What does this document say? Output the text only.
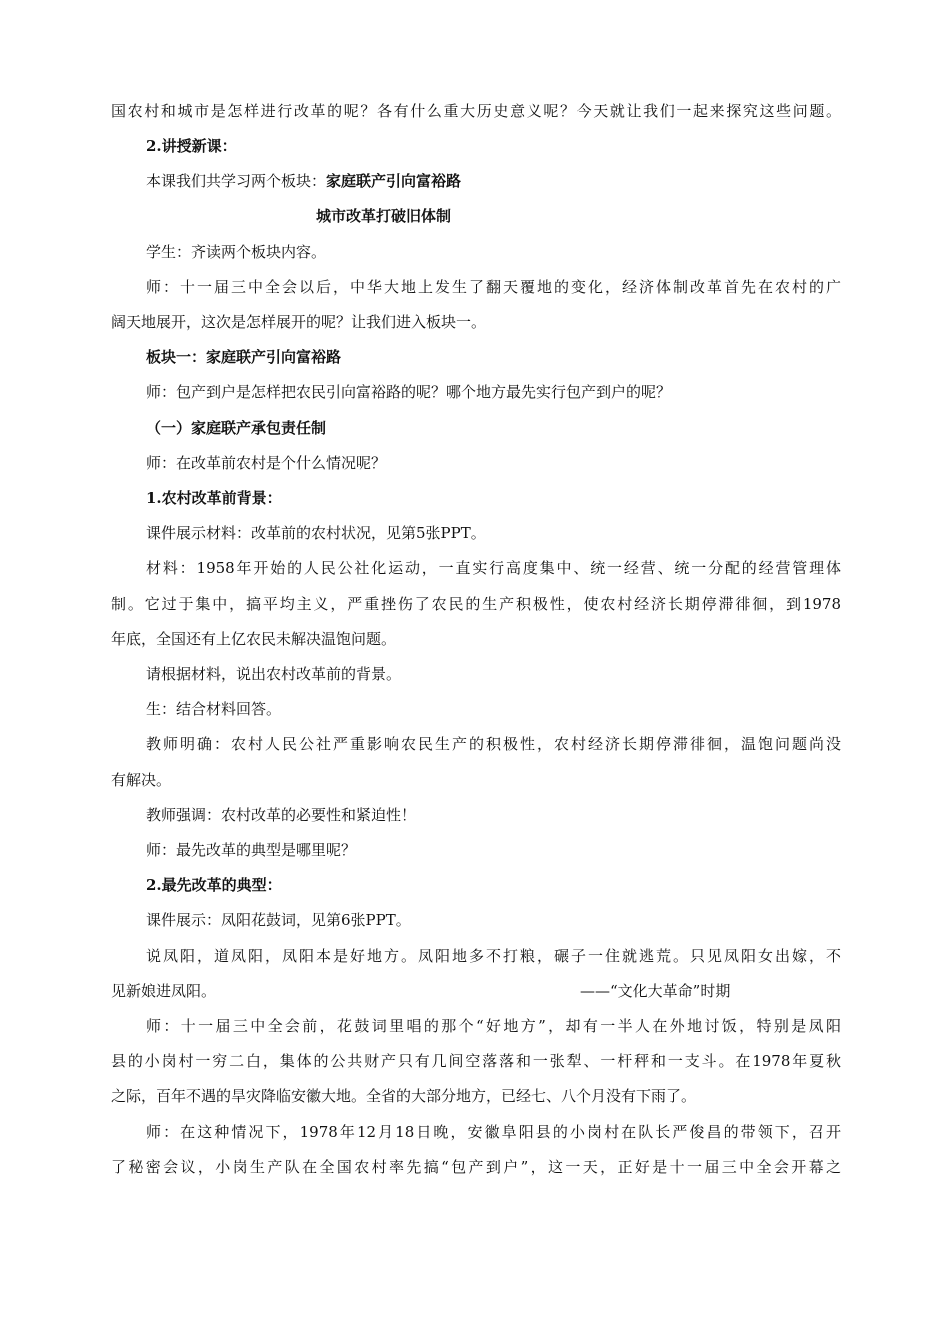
国农村和城市是怎样进行改革的呢？各有什么重大历史意义呢？今天就让我们一起来探究这些问题。

2.讲授新课：

本课我们共学习两个板块：家庭联产引向富裕路

城市改革打破旧体制

学生：齐读两个板块内容。

师：十一届三中全会以后，中华大地上发生了翻天覆地的变化，经济体制改革首先在农村的广

阔天地展开，这次是怎样展开的呢？让我们进入板块一。

板块一：家庭联产引向富裕路

师：包产到户是怎样把农民引向富裕路的呢？哪个地方最先实行包产到户的呢？

（一）家庭联产承包责任制

师：在改革前农村是个什么情况呢？

1.农村改革前背景：

课件展示材料：改革前的农村状况，见第5张PPT。

材料：1958年开始的人民公社化运动，一直实行高度集中、统一经营、统一分配的经营管理体

制。它过于集中，搞平均主义，严重挫伤了农民的生产积极性，使农村经济长期停滞徘徊，到1978

年底，全国还有上亿农民未解决温饱问题。

请根据材料，说出农村改革前的背景。

生：结合材料回答。

教师明确：农村人民公社严重影响农民生产的积极性，农村经济长期停滞徘徊，温饱问题尚没

有解决。

教师强调：农村改革的必要性和紧迫性！

师：最先改革的典型是哪里呢？

2.最先改革的典型：

课件展示：凤阳花鼓词，见第6张PPT。

说凤阳，道凤阳，凤阳本是好地方。凤阳地多不打粮，碾子一住就逃荒。只见凤阳女出嫁，不

见新娘进凤阳。	——“文化大革命”时期

师：十一届三中全会前，花鼓词里唱的那个“好地方”，却有一半人在外地讨饭，特别是凤阳

县的小岗村一穷二白，集体的公共财产只有几间空落落和一张犁、一杆秤和一支斗。在1978年夏秋

之际，百年不遇的旱灾降临安徽大地。全省的大部分地方，已经七、八个月没有下雨了。

师：在这种情况下，1978年12月18日晚，安徽阜阳县的小岗村在队长严俊昌的带领下，召开

了秘密会议，小岗生产队在全国农村率先搞“包产到户”，这一天，正好是十一届三中全会开幕之
